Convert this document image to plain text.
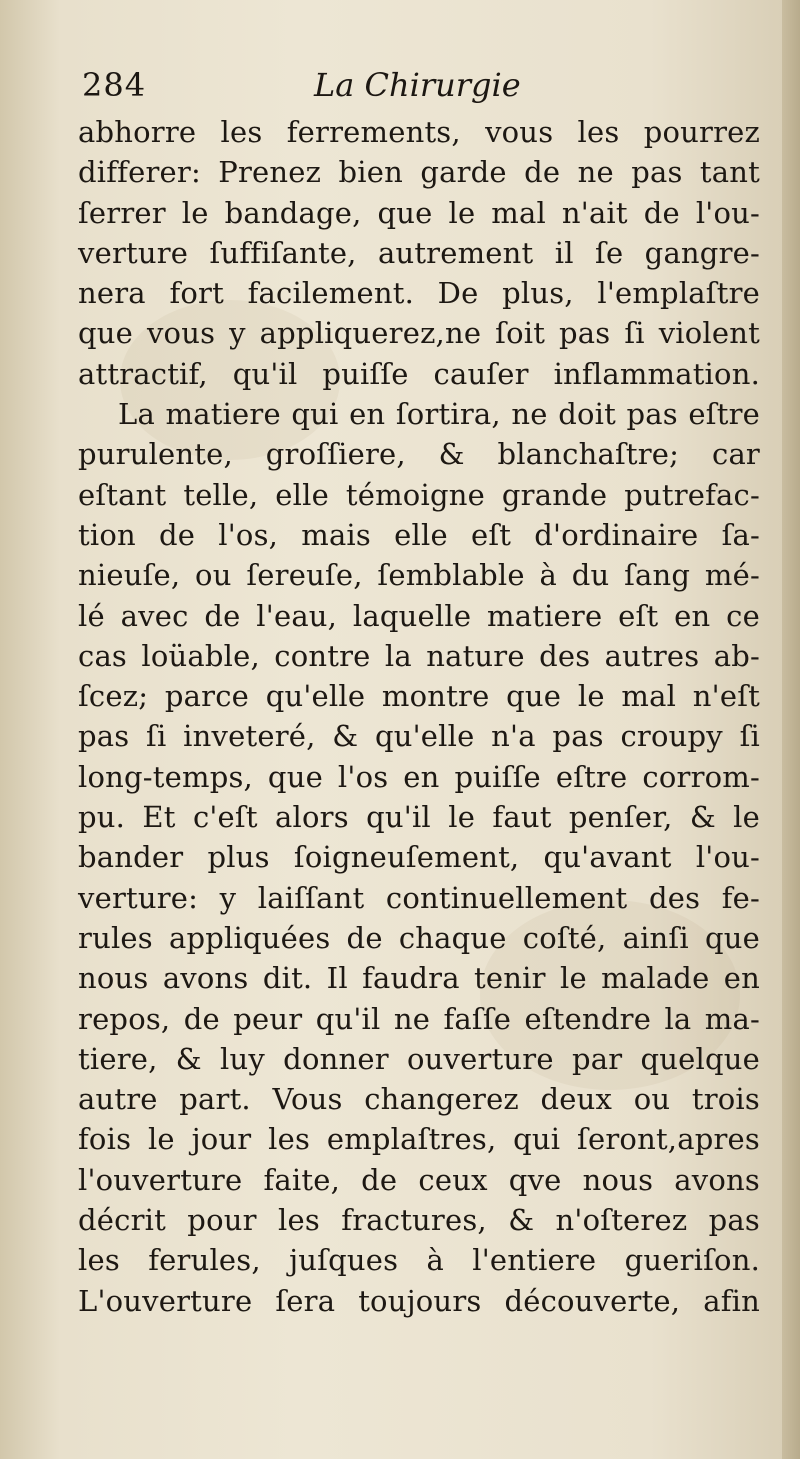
284	La Chirurgie
abhorre les ferrements, vous les pourrez
differer: Prenez bien garde de ne pas tant
ſerrer le bandage, que le mal n'ait de l'ou-
verture ſuffiſante, autrement il ſe gangre-
nera fort facilement. De plus, l'emplaſtre
que vous y appliquerez,ne ſoit pas ſi violent
attractif, qu'il puiſſe cauſer inflammation.
La matiere qui en ſortira, ne doit pas eſtre
purulente, groſſiere, & blanchaſtre; car
eſtant telle, elle témoigne grande putrefac-
tion de l'os, mais elle eſt d'ordinaire ſa-
nieuſe, ou ſereuſe, ſemblable à du ſang mé-
lé avec de l'eau, laquelle matiere eſt en ce
cas loüable, contre la nature des autres ab-
ſcez; parce qu'elle montre que le mal n'eſt
pas ſi inveteré, & qu'elle n'a pas croupy ſi
long-temps, que l'os en puiſſe eſtre corrom-
pu. Et c'eſt alors qu'il le faut penſer, & le
bander plus ſoigneuſement, qu'avant l'ou-
verture: y laiſſant continuellement des fe-
rules appliquées de chaque coſté, ainſi que
nous avons dit. Il faudra tenir le malade en
repos, de peur qu'il ne faſſe eſtendre la ma-
tiere, & luy donner ouverture par quelque
autre part. Vous changerez deux ou trois
fois le jour les emplaſtres, qui ſeront,apres
l'ouverture faite, de ceux qve nous avons
décrit pour les fractures, & n'oſterez pas
les ferules, juſques à l'entiere gueriſon.
L'ouverture ſera toujours découverte, afin
